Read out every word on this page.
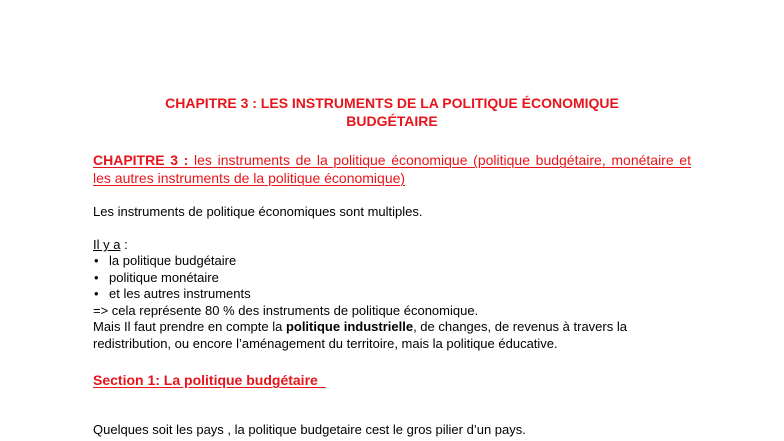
CHAPITRE 3 : LES INSTRUMENTS DE LA POLITIQUE ÉCONOMIQUE
BUDGÉTAIRE

CHAPITRE 3 : les instruments de la politique économique (politique budgétaire, monétaire et les autres instruments de la politique économique)

Les instruments de politique économiques sont multiples.

Il y a :

• la politique budgétaire
• politique monétaire
• et les autres instruments

=> cela représente 80 % des instruments de politique économique.

Mais Il faut prendre en compte la politique industrielle, de changes, de revenus à travers la redistribution, ou encore l’aménagement du territoire, mais la politique éducative.

Section 1: La politique budgétaire

Quelques soit les pays , la politique budgetaire cest le gros pilier d’un pays.
